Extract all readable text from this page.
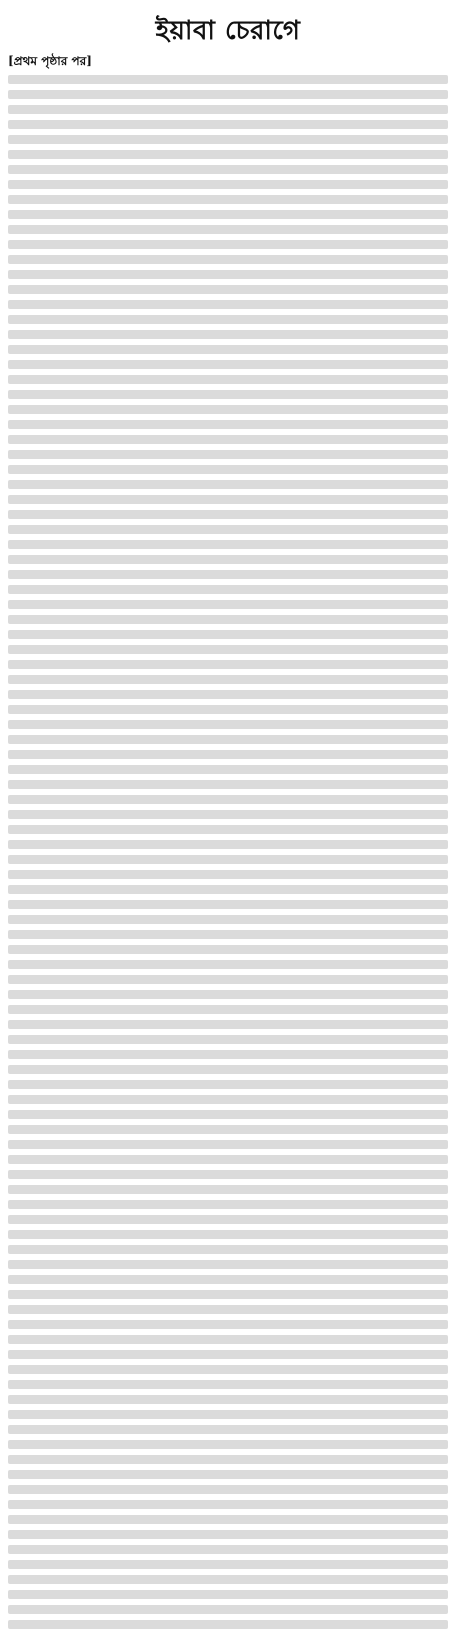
ইয়াবা চেরাগে
[প্রথম পৃষ্ঠার পর]
